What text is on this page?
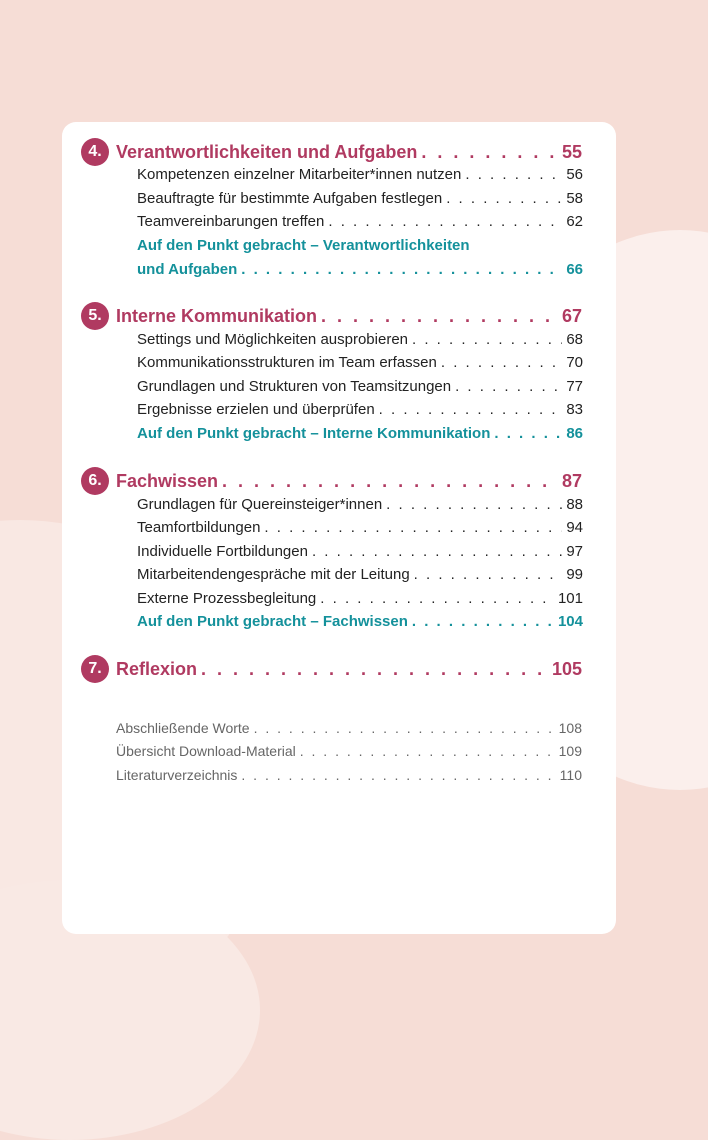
4. Verantwortlichkeiten und Aufgaben . . .	55
Kompetenzen einzelner Mitarbeiter*innen nutzen . . .	56
Beauftragte für bestimmte Aufgaben festlegen . . .	58
Teamvereinbarungen treffen . . .	62
Auf den Punkt gebracht – Verantwortlichkeiten
und Aufgaben . . .	66
5. Interne Kommunikation . . .	67
Settings und Möglichkeiten ausprobieren . . .	68
Kommunikationsstrukturen im Team erfassen . . .	70
Grundlagen und Strukturen von Teamsitzungen . . .	77
Ergebnisse erzielen und überprüfen . . .	83
Auf den Punkt gebracht – Interne Kommunikation . . .	86
6. Fachwissen . . .	87
Grundlagen für Quereinsteiger*innen . . .	88
Teamfortbildungen . . .	94
Individuelle Fortbildungen . . .	97
Mitarbeitendengespräche mit der Leitung . . .	99
Externe Prozessbegleitung . . .	101
Auf den Punkt gebracht – Fachwissen . . .	104
7. Reflexion . . .	105
Abschließende Worte . . .	108
Übersicht Download-Material . . .	109
Literaturverzeichnis . . .	110
